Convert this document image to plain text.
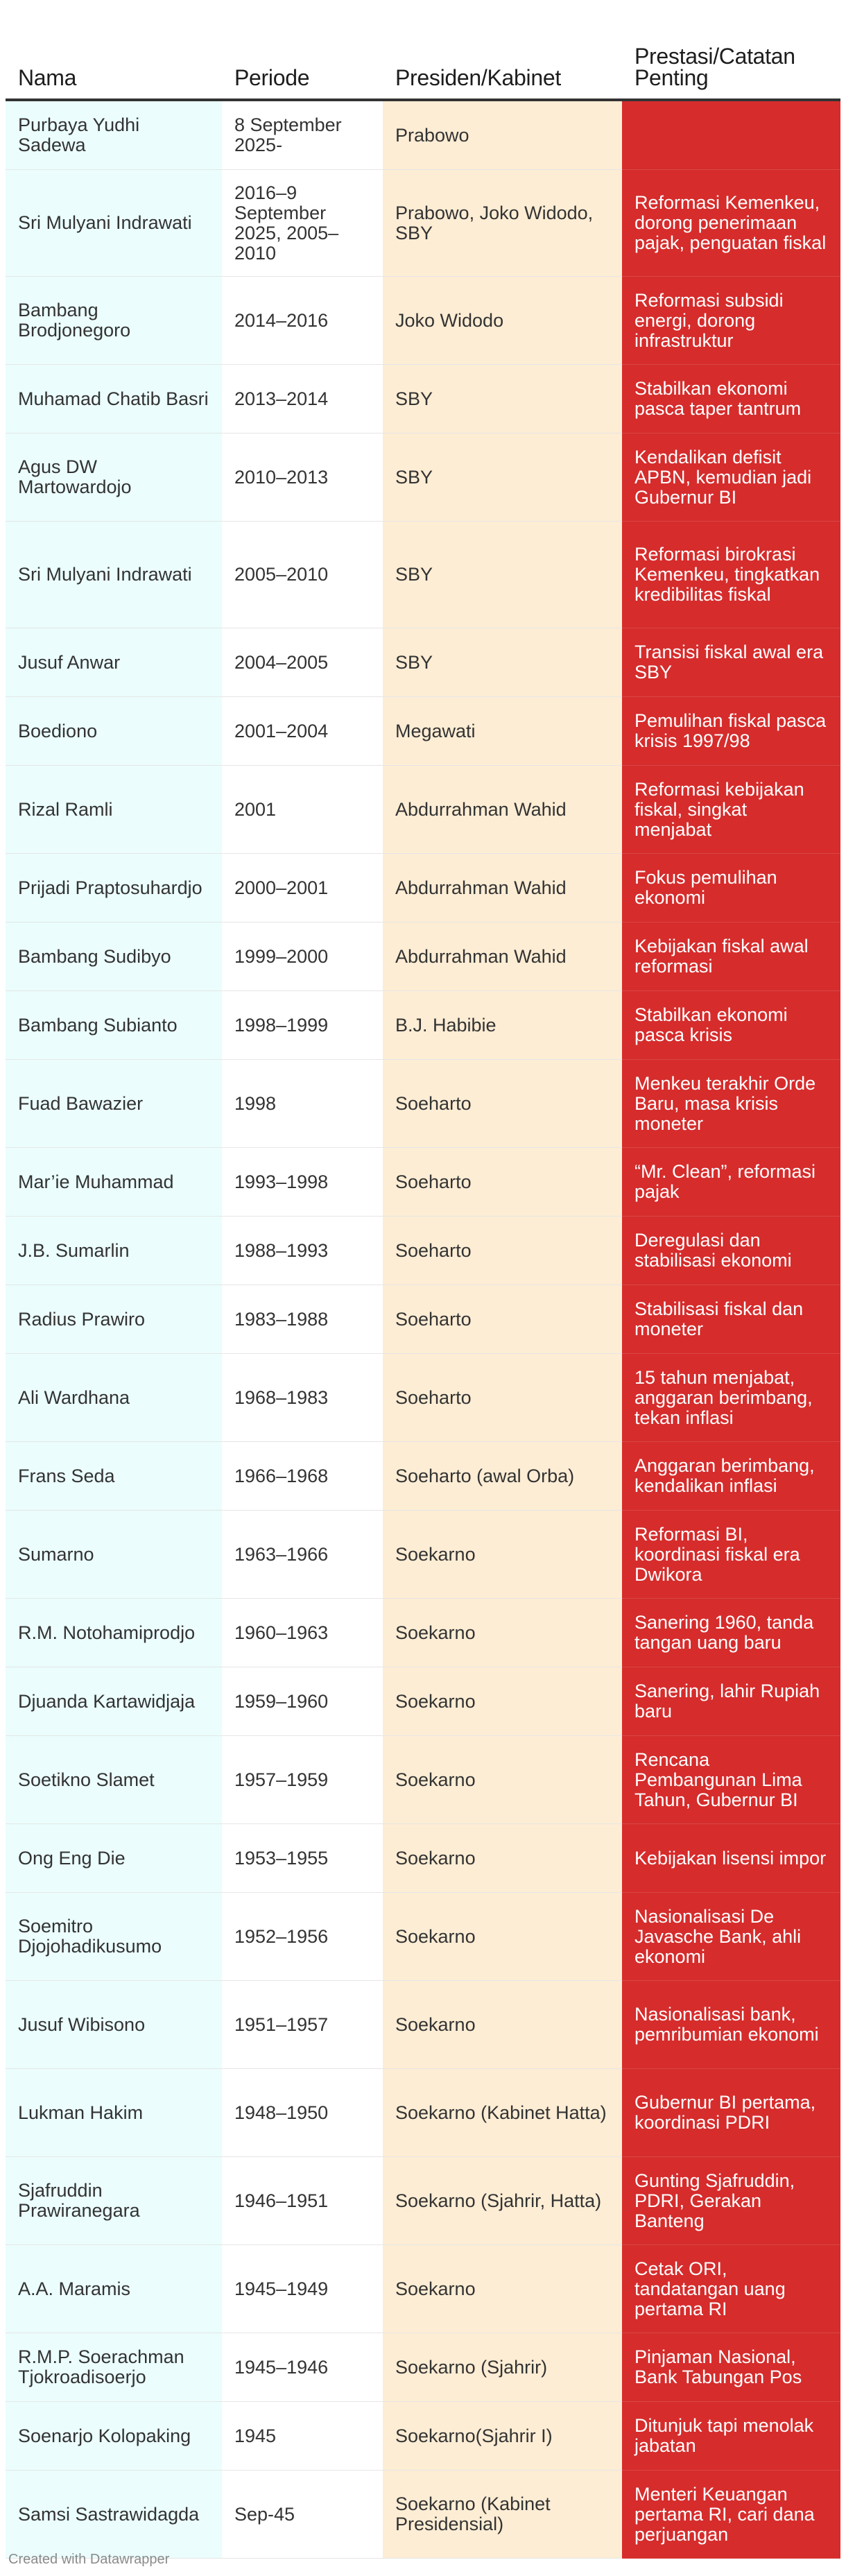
Nama	Periode	Presiden/Kabinet	Prestasi/Catatan Penting
Purbaya Yudhi Sadewa	8 September 2025-	Prabowo	
Sri Mulyani Indrawati	2016–9 September 2025, 2005–2010	Prabowo, Joko Widodo, SBY	Reformasi Kemenkeu, dorong penerimaan pajak, penguatan fiskal
Bambang Brodjonegoro	2014–2016	Joko Widodo	Reformasi subsidi energi, dorong infrastruktur
Muhamad Chatib Basri	2013–2014	SBY	Stabilkan ekonomi pasca taper tantrum
Agus DW Martowardojo	2010–2013	SBY	Kendalikan defisit APBN, kemudian jadi Gubernur BI
Sri Mulyani Indrawati	2005–2010	SBY	Reformasi birokrasi Kemenkeu, tingkatkan kredibilitas fiskal
Jusuf Anwar	2004–2005	SBY	Transisi fiskal awal era SBY
Boediono	2001–2004	Megawati	Pemulihan fiskal pasca krisis 1997/98
Rizal Ramli	2001	Abdurrahman Wahid	Reformasi kebijakan fiskal, singkat menjabat
Prijadi Praptosuhardjo	2000–2001	Abdurrahman Wahid	Fokus pemulihan ekonomi
Bambang Sudibyo	1999–2000	Abdurrahman Wahid	Kebijakan fiskal awal reformasi
Bambang Subianto	1998–1999	B.J. Habibie	Stabilkan ekonomi pasca krisis
Fuad Bawazier	1998	Soeharto	Menkeu terakhir Orde Baru, masa krisis moneter
Mar’ie Muhammad	1993–1998	Soeharto	“Mr. Clean”, reformasi pajak
J.B. Sumarlin	1988–1993	Soeharto	Deregulasi dan stabilisasi ekonomi
Radius Prawiro	1983–1988	Soeharto	Stabilisasi fiskal dan moneter
Ali Wardhana	1968–1983	Soeharto	15 tahun menjabat, anggaran berimbang, tekan inflasi
Frans Seda	1966–1968	Soeharto (awal Orba)	Anggaran berimbang, kendalikan inflasi
Sumarno	1963–1966	Soekarno	Reformasi BI, koordinasi fiskal era Dwikora
R.M. Notohamiprodjo	1960–1963	Soekarno	Sanering 1960, tanda tangan uang baru
Djuanda Kartawidjaja	1959–1960	Soekarno	Sanering, lahir Rupiah baru
Soetikno Slamet	1957–1959	Soekarno	Rencana Pembangunan Lima Tahun, Gubernur BI
Ong Eng Die	1953–1955	Soekarno	Kebijakan lisensi impor
Soemitro Djojohadikusumo	1952–1956	Soekarno	Nasionalisasi De Javasche Bank, ahli ekonomi
Jusuf Wibisono	1951–1957	Soekarno	Nasionalisasi bank, pemribumian ekonomi
Lukman Hakim	1948–1950	Soekarno (Kabinet Hatta)	Gubernur BI pertama, koordinasi PDRI
Sjafruddin Prawiranegara	1946–1951	Soekarno (Sjahrir, Hatta)	Gunting Sjafruddin, PDRI, Gerakan Banteng
A.A. Maramis	1945–1949	Soekarno	Cetak ORI, tandatangan uang pertama RI
R.M.P. Soerachman Tjokroadisoerjo	1945–1946	Soekarno (Sjahrir)	Pinjaman Nasional, Bank Tabungan Pos
Soenarjo Kolopaking	1945	Soekarno(Sjahrir I)	Ditunjuk tapi menolak jabatan
Samsi Sastrawidagda	Sep-45	Soekarno (Kabinet Presidensial)	Menteri Keuangan pertama RI, cari dana perjuangan
Created with Datawrapper
